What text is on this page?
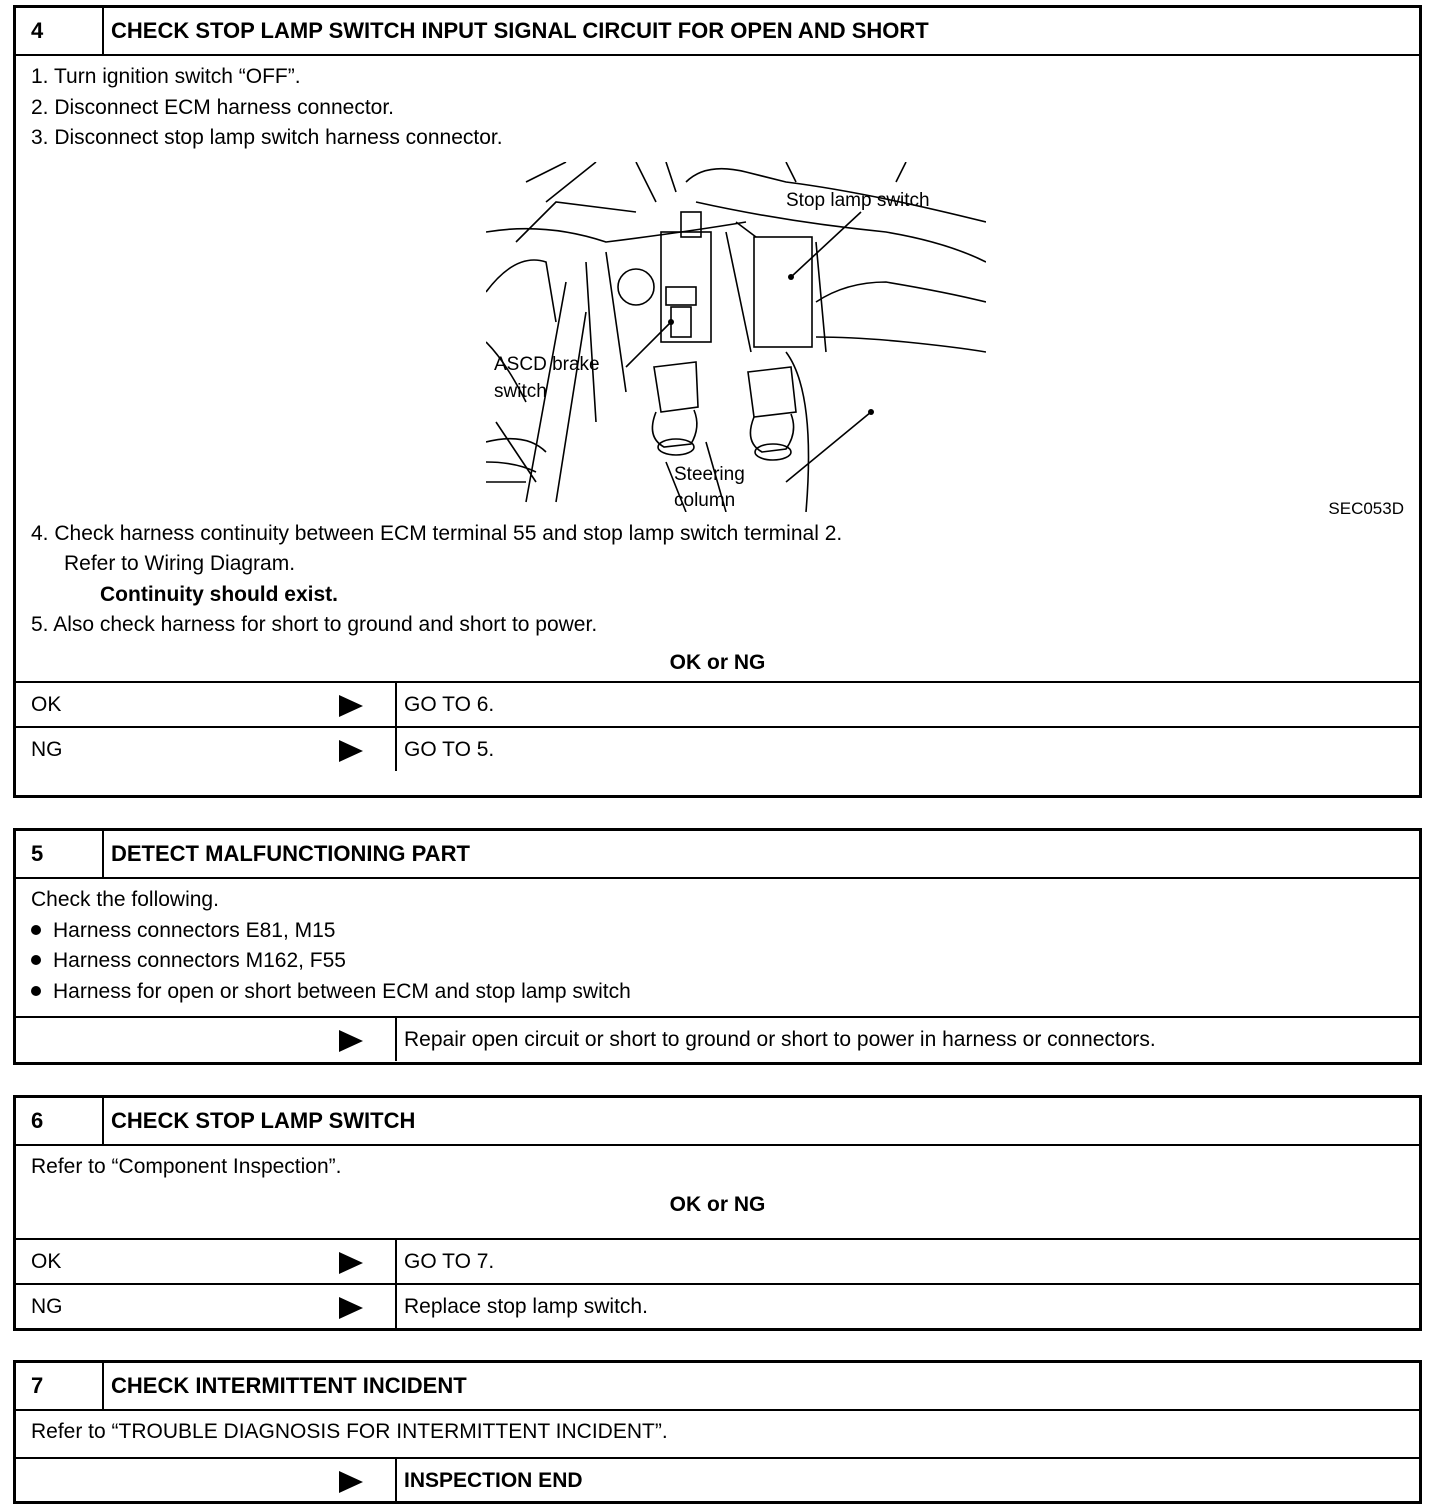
4	CHECK STOP LAMP SWITCH INPUT SIGNAL CIRCUIT FOR OPEN AND SHORT
1. Turn ignition switch “OFF”.
2. Disconnect ECM harness connector.
3. Disconnect stop lamp switch harness connector.
Stop lamp switch
ASCD brake
switch
Steering
column	SEC053D
4. Check harness continuity between ECM terminal 55 and stop lamp switch terminal 2.
Refer to Wiring Diagram.
Continuity should exist.
5. Also check harness for short to ground and short to power.
OK or NG
OK	GO TO 6.
NG	GO TO 5.
5	DETECT MALFUNCTIONING PART
Check the following.
Harness connectors E81, M15
Harness connectors M162, F55
Harness for open or short between ECM and stop lamp switch
Repair open circuit or short to ground or short to power in harness or connectors.
6	CHECK STOP LAMP SWITCH
Refer to “Component Inspection”.
OK or NG
OK	GO TO 7.
NG	Replace stop lamp switch.
7	CHECK INTERMITTENT INCIDENT
Refer to “TROUBLE DIAGNOSIS FOR INTERMITTENT INCIDENT”.
INSPECTION END
